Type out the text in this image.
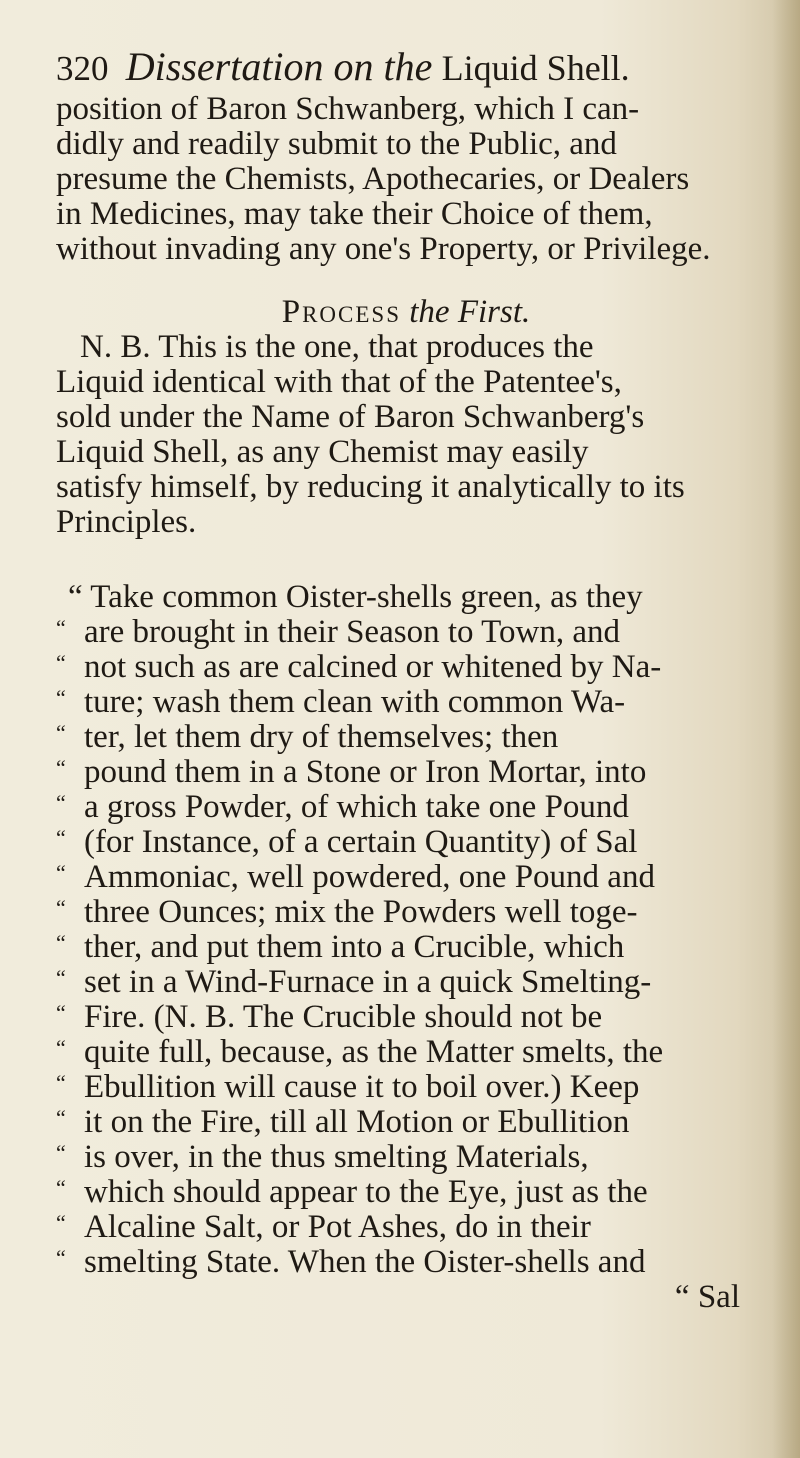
320 Dissertation on the Liquid Shell.
position of Baron Schwanberg, which I can-
didly and readily submit to the Public, and
presume the Chemists, Apothecaries, or Dealers
in Medicines, may take their Choice of them,
without invading any one's Property, or Privilege.
Process the First.
N. B. This is the one, that produces the
Liquid identical with that of the Patentee's,
sold under the Name of Baron Schwanberg's
Liquid Shell, as any Chemist may easily
satisfy himself, by reducing it analytically to its
Principles.
“ Take common Oister-shells green, as they
“ are brought in their Season to Town, and
“ not such as are calcined or whitened by Na-
“ ture; wash them clean with common Wa-
“ ter, let them dry of themselves; then
“ pound them in a Stone or Iron Mortar, into
“ a gross Powder, of which take one Pound
“ (for Instance, of a certain Quantity) of Sal
“ Ammoniac, well powdered, one Pound and
“ three Ounces; mix the Powders well toge-
“ ther, and put them into a Crucible, which
“ set in a Wind-Furnace in a quick Smelting-
“ Fire. (N. B. The Crucible should not be
“ quite full, because, as the Matter smelts, the
“ Ebullition will cause it to boil over.) Keep
“ it on the Fire, till all Motion or Ebullition
“ is over, in the thus smelting Materials,
“ which should appear to the Eye, just as the
“ Alcaline Salt, or Pot Ashes, do in their
“ smelting State. When the Oister-shells and
“ Sal
